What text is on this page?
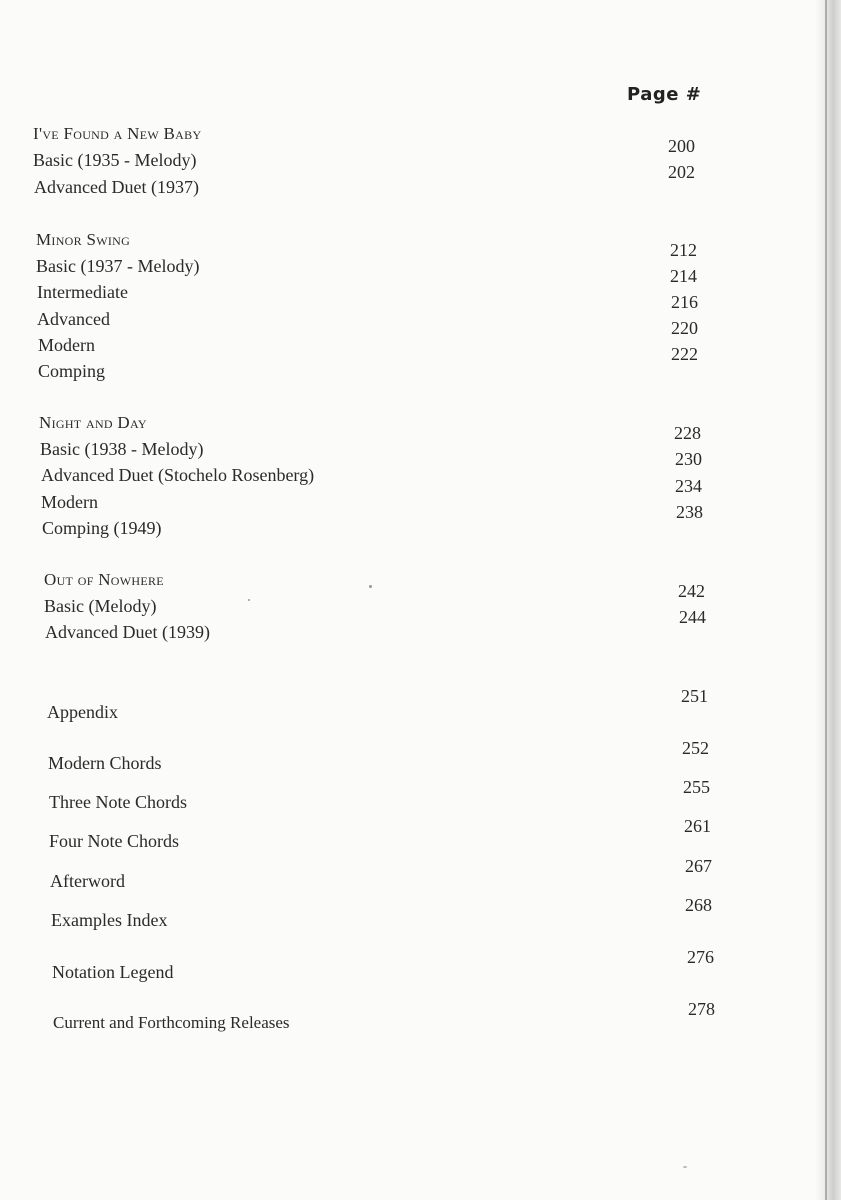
Page #
I've Found a New Baby
Basic (1935 - Melody)
200
Advanced Duet (1937)
202
Minor Swing
Basic (1937 - Melody)
212
Intermediate
214
Advanced
216
Modern
220
Comping
222
Night and Day
Basic (1938 - Melody)
228
Advanced Duet (Stochelo Rosenberg)
230
Modern
234
Comping (1949)
238
Out of Nowhere
Basic (Melody)
242
Advanced Duet (1939)
244
Appendix
251
Modern Chords
252
Three Note Chords
255
Four Note Chords
261
Afterword
267
Examples Index
268
Notation Legend
276
Current and Forthcoming Releases
278
